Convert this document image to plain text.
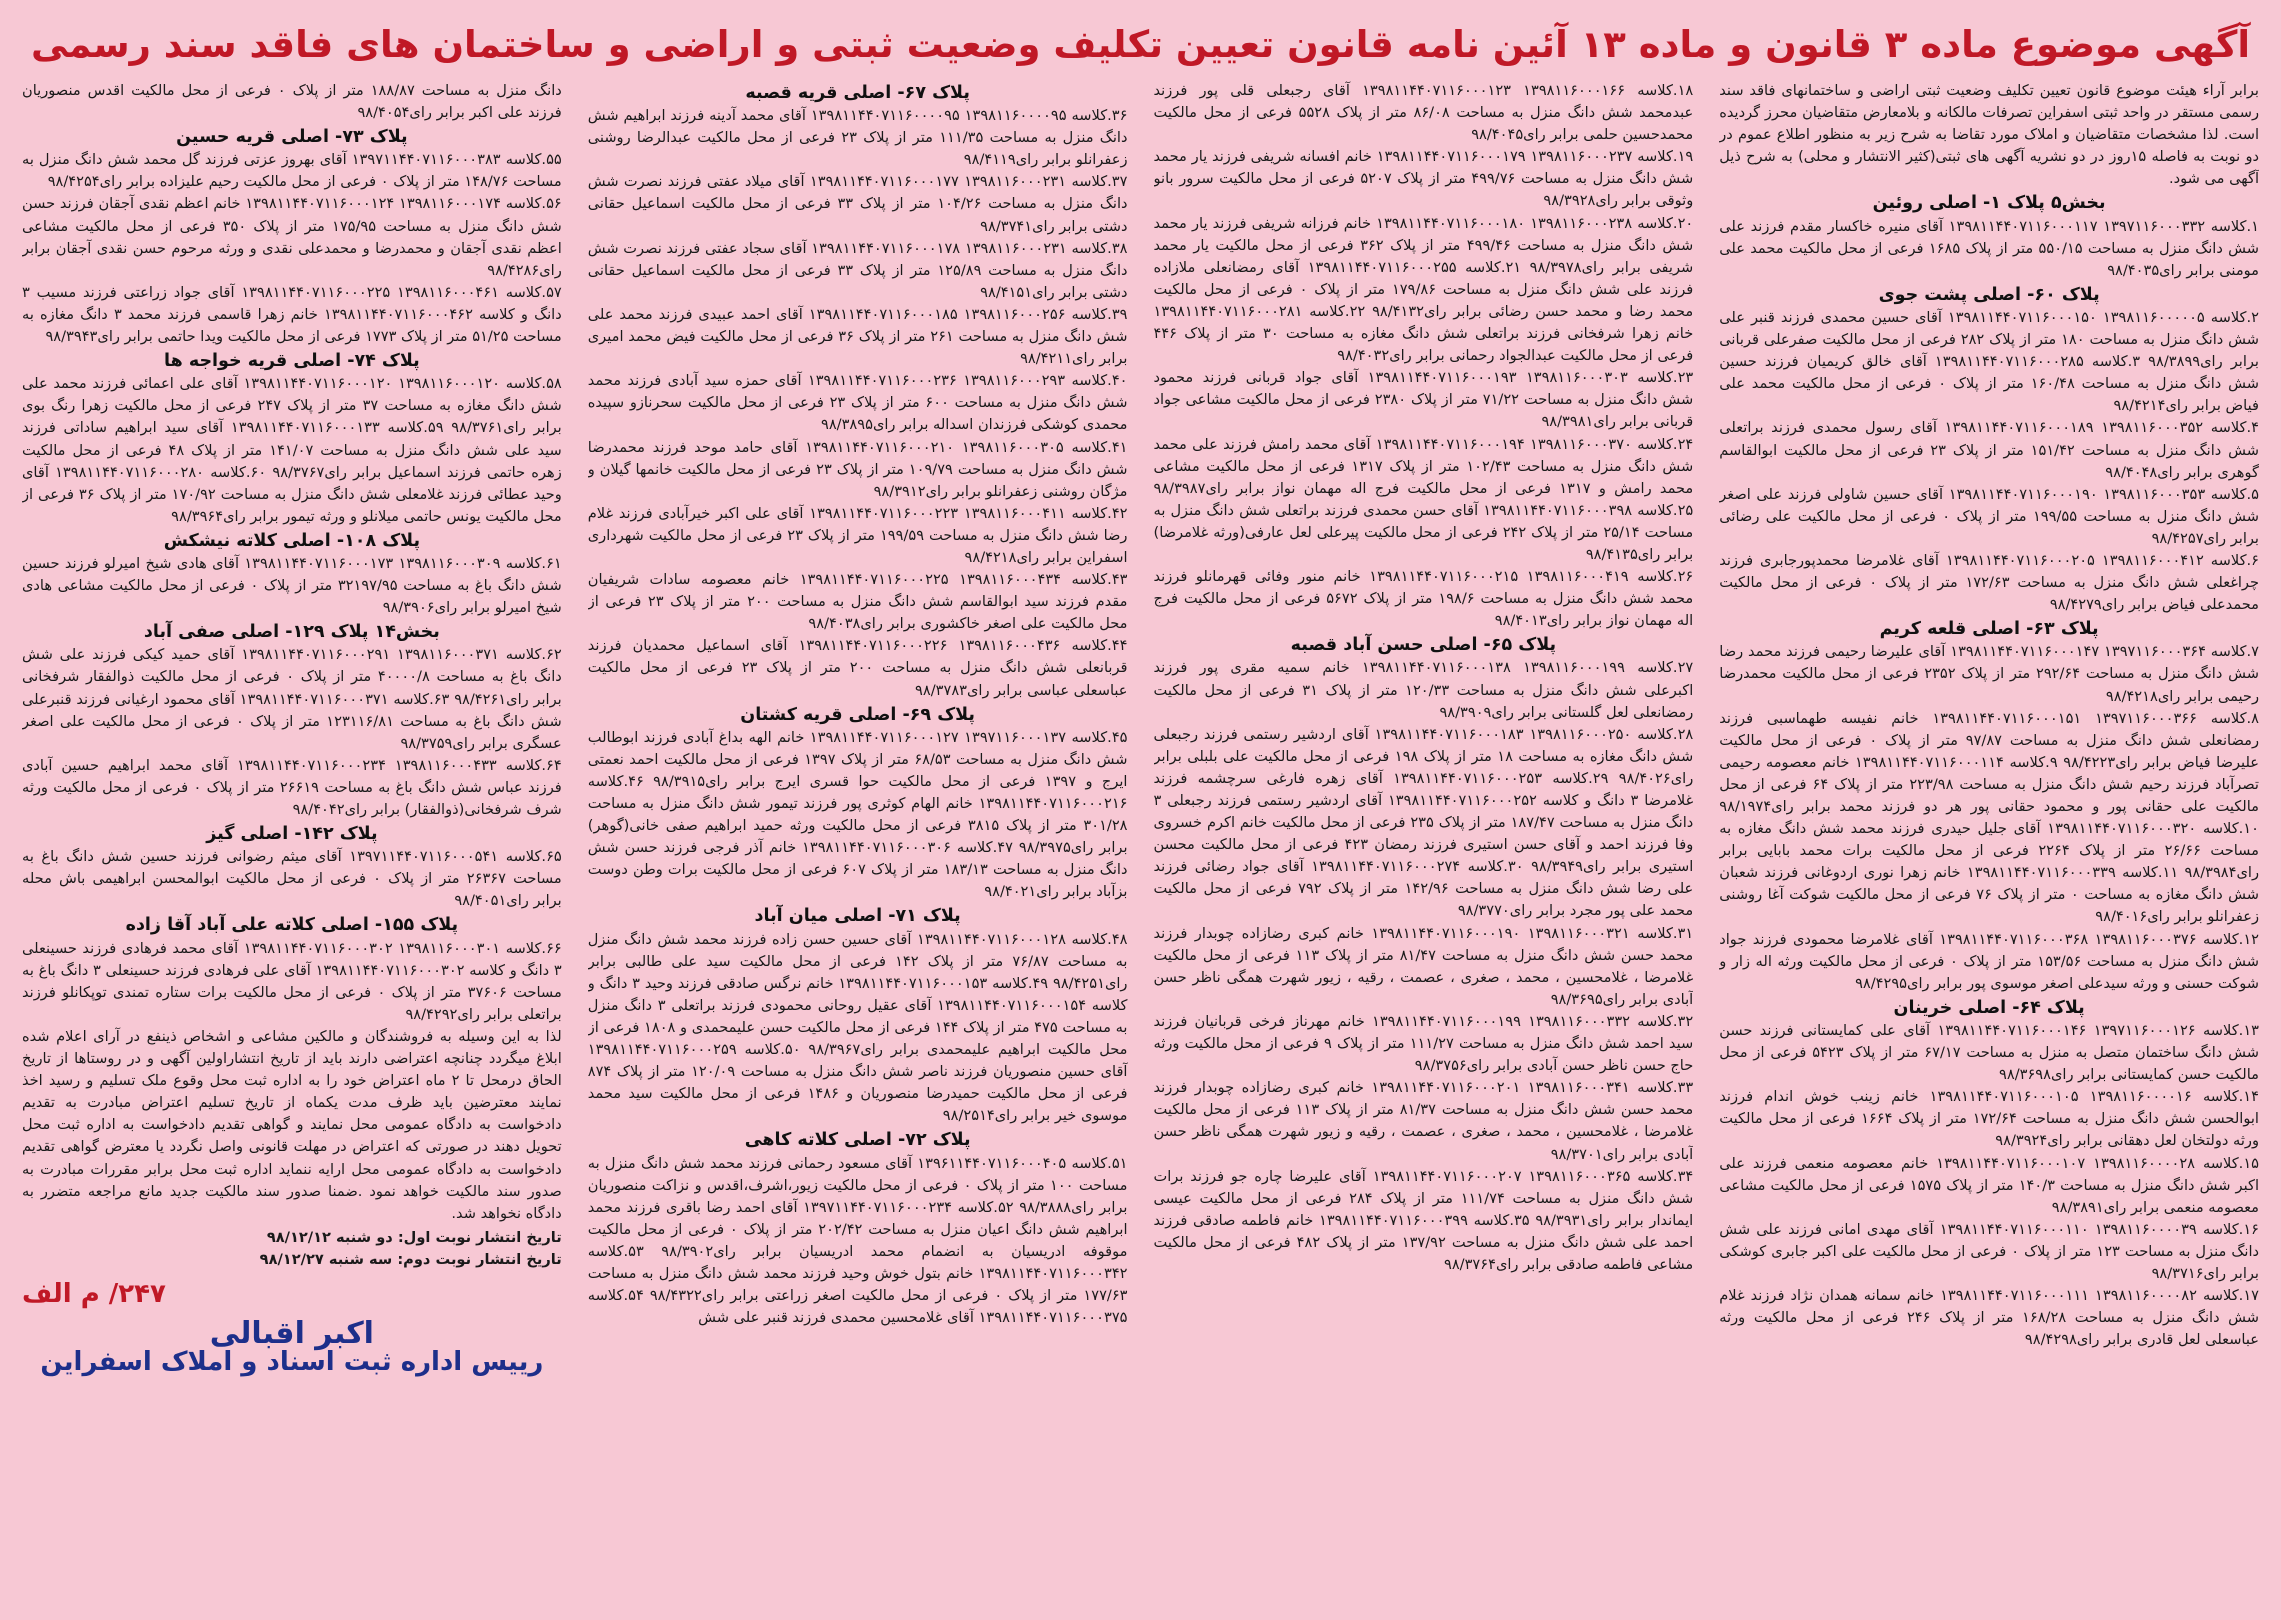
آگهی موضوع ماده ۳ قانون و ماده ۱۳ آئین نامه قانون تعیین تکلیف وضعیت ثبتی و اراضی و ساختمان های فاقد سند رسمی

برابر آراء هیئت موضوع قانون تعیین تکلیف وضعیت ثبتی اراضی و ساختمانهای فاقد سند رسمی مستقر در واحد ثبتی اسفراین تصرفات مالکانه و بلامعارض متقاضیان محرز گردیده است. لذا مشخصات متقاضیان و املاک مورد تقاضا به شرح زیر به منظور اطلاع عموم در دو نوبت به فاصله ۱۵روز در دو نشریه آگهی های ثبتی(کثیر الانتشار و محلی) به شرح ذیل آگهی می شود.

بخش۵ پلاک ۱- اصلی روئین

۱.کلاسه ۱۳۹۷۱۱۶۰۰۰۳۳۲ ۱۳۹۸۱۱۴۴۰۷۱۱۶۰۰۰۱۱۷ آقای منیره خاکسار مقدم فرزند علی شش دانگ منزل به مساحت ۵۵۰/۱۵ متر از پلاک ۱۶۸۵ فرعی از محل مالکیت محمد علی مومنی برابر رای۹۸/۴۰۳۵

پلاک ۶۰- اصلی پشت جوی

۲.کلاسه ۱۳۹۸۱۱۶۰۰۰۰۰۵ ۱۳۹۸۱۱۴۴۰۷۱۱۶۰۰۰۱۵۰ آقای حسین محمدی فرزند قنبر علی شش دانگ منزل به مساحت ۱۸۰ متر از پلاک ۲۸۲ فرعی از محل مالکیت صفرعلی قربانی برابر رای۹۸/۳۸۹۹ ۳.کلاسه ۱۳۹۸۱۱۴۴۰۷۱۱۶۰۰۰۲۸۵ آقای خالق کریمیان فرزند حسین شش دانگ منزل به مساحت ۱۶۰/۴۸ متر از پلاک ۰ فرعی از محل مالکیت محمد علی فیاض برابر رای۹۸/۴۲۱۴

۴.کلاسه ۱۳۹۸۱۱۶۰۰۰۳۵۲ ۱۳۹۸۱۱۴۴۰۷۱۱۶۰۰۰۱۸۹ آقای رسول محمدی فرزند براتعلی شش دانگ منزل به مساحت ۱۵۱/۴۲ متر از پلاک ۲۳ فرعی از محل مالکیت ابوالقاسم گوهری برابر رای۹۸/۴۰۴۸

۵.کلاسه ۱۳۹۸۱۱۶۰۰۰۳۵۳ ۱۳۹۸۱۱۴۴۰۷۱۱۶۰۰۰۱۹۰ آقای حسین شاولی فرزند علی اصغر شش دانگ منزل به مساحت ۱۹۹/۵۵ متر از پلاک ۰ فرعی از محل مالکیت علی رضائی برابر رای۹۸/۴۲۵۷

۶.کلاسه ۱۳۹۸۱۱۶۰۰۰۴۱۲ ۱۳۹۸۱۱۴۴۰۷۱۱۶۰۰۰۲۰۵ آقای غلامرضا محمدپورجابری فرزند چراغعلی شش دانگ منزل به مساحت ۱۷۲/۶۳ متر از پلاک ۰ فرعی از محل مالکیت محمدعلی فیاض برابر رای۹۸/۴۲۷۹

پلاک ۶۳- اصلی قلعه کریم

۷.کلاسه ۱۳۹۷۱۱۶۰۰۰۳۶۴ ۱۳۹۸۱۱۴۴۰۷۱۱۶۰۰۰۱۴۷ آقای علیرضا رحیمی فرزند محمد رضا شش دانگ منزل به مساحت ۲۹۲/۶۴ متر از پلاک ۲۳۵۲ فرعی از محل مالکیت محمدرضا رحیمی برابر رای۹۸/۴۲۱۸

۸.کلاسه ۱۳۹۷۱۱۶۰۰۰۳۶۶ ۱۳۹۸۱۱۴۴۰۷۱۱۶۰۰۰۱۵۱ خانم نفیسه طهماسبی فرزند رمضانعلی شش دانگ منزل به مساحت ۹۷/۸۷ متر از پلاک ۰ فرعی از محل مالکیت علیرضا فیاض برابر رای۹۸/۴۲۲۳ ۹.کلاسه ۱۳۹۸۱۱۴۴۰۷۱۱۶۰۰۰۱۱۴ خانم معصومه رحیمی تصرآباد فرزند رحیم شش دانگ منزل به مساحت ۲۲۳/۹۸ متر از پلاک ۶۴ فرعی از محل مالکیت علی حقانی پور و محمود حقانی پور هر دو فرزند محمد برابر رای۹۸/۱۹۷۴ ۱۰.کلاسه ۱۳۹۸۱۱۴۴۰۷۱۱۶۰۰۰۳۲۰ آقای جلیل حیدری فرزند محمد شش دانگ مغازه به مساحت ۲۶/۶۶ متر از پلاک ۲۲۶۴ فرعی از محل مالکیت برات محمد بابایی برابر رای۹۸/۳۹۸۴ ۱۱.کلاسه ۱۳۹۸۱۱۴۴۰۷۱۱۶۰۰۰۳۳۹ خانم زهرا نوری اردوغانی فرزند شعبان شش دانگ مغازه به مساحت ۰ متر از پلاک ۷۶ فرعی از محل مالکیت شوکت آغا روشنی زعفرانلو برابر رای۹۸/۴۰۱۶

۱۲.کلاسه ۱۳۹۸۱۱۶۰۰۰۳۷۶ ۱۳۹۸۱۱۴۴۰۷۱۱۶۰۰۰۳۶۸ آقای غلامرضا محمودی فرزند جواد شش دانگ منزل به مساحت ۱۵۳/۵۶ متر از پلاک ۰ فرعی از محل مالکیت ورثه اله زار و شوکت حسنی و ورثه سیدعلی اصغر موسوی پور برابر رای۹۸/۴۲۹۵

پلاک ۶۴- اصلی خرینان

۱۳.کلاسه ۱۳۹۷۱۱۶۰۰۰۱۲۶ ۱۳۹۸۱۱۴۴۰۷۱۱۶۰۰۰۱۴۶ آقای علی کمایستانی فرزند حسن شش دانگ ساختمان متصل به منزل به مساحت ۶۷/۱۷ متر از پلاک ۵۴۲۳ فرعی از محل مالکیت حسن کمایستانی برابر رای۹۸/۳۶۹۸

۱۴.کلاسه ۱۳۹۸۱۱۶۰۰۰۰۱۶ ۱۳۹۸۱۱۴۴۰۷۱۱۶۰۰۰۱۰۵ خانم زینب خوش اندام فرزند ابوالحسن شش دانگ منزل به مساحت ۱۷۲/۶۴ متر از پلاک ۱۶۶۴ فرعی از محل مالکیت ورثه دولتخان لعل دهقانی برابر رای۹۸/۳۹۲۴

۱۵.کلاسه ۱۳۹۸۱۱۶۰۰۰۰۲۸ ۱۳۹۸۱۱۴۴۰۷۱۱۶۰۰۰۱۰۷ خانم معصومه منعمی فرزند علی اکبر شش دانگ منزل به مساحت ۱۴۰/۳ متر از پلاک ۱۵۷۵ فرعی از محل مالکیت مشاعی معصومه منعمی برابر رای۹۸/۳۸۹۱

۱۶.کلاسه ۱۳۹۸۱۱۶۰۰۰۰۳۹ ۱۳۹۸۱۱۴۴۰۷۱۱۶۰۰۰۱۱۰ آقای مهدی امانی فرزند علی شش دانگ منزل به مساحت ۱۲۳ متر از پلاک ۰ فرعی از محل مالکیت علی اکبر جابری کوشکی برابر رای۹۸/۳۷۱۶

۱۷.کلاسه ۱۳۹۸۱۱۶۰۰۰۰۸۲ ۱۳۹۸۱۱۴۴۰۷۱۱۶۰۰۰۱۱۱ خانم سمانه همدان نژاد فرزند غلام شش دانگ منزل به مساحت ۱۶۸/۲۸ متر از پلاک ۲۴۶ فرعی از محل مالکیت ورثه عباسعلی لعل قادری برابر رای۹۸/۴۲۹۸

۱۸.کلاسه ۱۳۹۸۱۱۶۰۰۰۱۶۶ ۱۳۹۸۱۱۴۴۰۷۱۱۶۰۰۰۱۲۳ آقای رجبعلی قلی پور فرزند عبدمحمد شش دانگ منزل به مساحت ۸۶/۰۸ متر از پلاک ۵۵۲۸ فرعی از محل مالکیت محمدحسین حلمی برابر رای۹۸/۴۰۴۵

۱۹.کلاسه ۱۳۹۸۱۱۶۰۰۰۲۳۷ ۱۳۹۸۱۱۴۴۰۷۱۱۶۰۰۰۱۷۹ خانم افسانه شریفی فرزند یار محمد شش دانگ منزل به مساحت ۴۹۹/۷۶ متر از پلاک ۵۲۰۷ فرعی از محل مالکیت سرور بانو وثوقی برابر رای۹۸/۳۹۲۸

۲۰.کلاسه ۱۳۹۸۱۱۶۰۰۰۲۳۸ ۱۳۹۸۱۱۴۴۰۷۱۱۶۰۰۰۱۸۰ خانم فرزانه شریفی فرزند یار محمد شش دانگ منزل به مساحت ۴۹۹/۴۶ متر از پلاک ۳۶۲ فرعی از محل مالکیت یار محمد شریفی برابر رای۹۸/۳۹۷۸ ۲۱.کلاسه ۱۳۹۸۱۱۴۴۰۷۱۱۶۰۰۰۲۵۵ آقای رمضانعلی ملازاده فرزند علی شش دانگ منزل به مساحت ۱۷۹/۸۶ متر از پلاک ۰ فرعی از محل مالکیت محمد رضا و محمد حسن رضائی برابر رای۹۸/۴۱۳۲ ۲۲.کلاسه ۱۳۹۸۱۱۴۴۰۷۱۱۶۰۰۰۲۸۱ خانم زهرا شرفخانی فرزند براتعلی شش دانگ مغازه به مساحت ۳۰ متر از پلاک ۴۴۶ فرعی از محل مالکیت عبدالجواد رحمانی برابر رای۹۸/۴۰۳۲

۲۳.کلاسه ۱۳۹۸۱۱۶۰۰۰۳۰۳ ۱۳۹۸۱۱۴۴۰۷۱۱۶۰۰۰۱۹۳ آقای جواد قربانی فرزند محمود شش دانگ منزل به مساحت ۷۱/۲۲ متر از پلاک ۲۳۸۰ فرعی از محل مالکیت مشاعی جواد قربانی برابر رای۹۸/۳۹۸۱

۲۴.کلاسه ۱۳۹۸۱۱۶۰۰۰۳۷۰ ۱۳۹۸۱۱۴۴۰۷۱۱۶۰۰۰۱۹۴ آقای محمد رامش فرزند علی محمد شش دانگ منزل به مساحت ۱۰۲/۴۳ متر از پلاک ۱۳۱۷ فرعی از محل مالکیت مشاعی محمد رامش و ۱۳۱۷ فرعی از محل مالکیت فرج اله مهمان نواز برابر رای۹۸/۳۹۸۷ ۲۵.کلاسه ۱۳۹۸۱۱۴۴۰۷۱۱۶۰۰۰۳۹۸ آقای حسن محمدی فرزند براتعلی شش دانگ منزل به مساحت ۲۵/۱۴ متر از پلاک ۲۴۲ فرعی از محل مالکیت پیرعلی لعل عارفی(ورثه غلامرضا) برابر رای۹۸/۴۱۳۵

۲۶.کلاسه ۱۳۹۸۱۱۶۰۰۰۴۱۹ ۱۳۹۸۱۱۴۴۰۷۱۱۶۰۰۰۲۱۵ خانم منور وفائی قهرمانلو فرزند محمد شش دانگ منزل به مساحت ۱۹۸/۶ متر از پلاک ۵۶۷۲ فرعی از محل مالکیت فرج اله مهمان نواز برابر رای۹۸/۴۰۱۳

پلاک ۶۵- اصلی حسن آباد قصبه

۲۷.کلاسه ۱۳۹۸۱۱۶۰۰۰۱۹۹ ۱۳۹۸۱۱۴۴۰۷۱۱۶۰۰۰۱۳۸ خانم سمیه مقری پور فرزند اکبرعلی شش دانگ منزل به مساحت ۱۲۰/۳۳ متر از پلاک ۳۱ فرعی از محل مالکیت رمضانعلی لعل گلستانی برابر رای۹۸/۳۹۰۹

۲۸.کلاسه ۱۳۹۸۱۱۶۰۰۰۲۵۰ ۱۳۹۸۱۱۴۴۰۷۱۱۶۰۰۰۱۸۳ آقای اردشیر رستمی فرزند رجبعلی شش دانگ مغازه به مساحت ۱۸ متر از پلاک ۱۹۸ فرعی از محل مالکیت علی بلبلی برابر رای۹۸/۴۰۲۶ ۲۹.کلاسه ۱۳۹۸۱۱۴۴۰۷۱۱۶۰۰۰۲۵۳ آقای زهره فارغی سرچشمه فرزند غلامرضا ۳ دانگ و کلاسه ۱۳۹۸۱۱۴۴۰۷۱۱۶۰۰۰۲۵۲ آقای اردشیر رستمی فرزند رجبعلی ۳ دانگ منزل به مساحت ۱۸۷/۴۷ متر از پلاک ۲۳۵ فرعی از محل مالکیت خانم اکرم خسروی وفا فرزند احمد و آقای حسن استیری فرزند رمضان ۴۲۳ فرعی از محل مالکیت محسن استیری برابر رای۹۸/۳۹۴۹ ۳۰.کلاسه ۱۳۹۸۱۱۴۴۰۷۱۱۶۰۰۰۲۷۴ آقای جواد رضائی فرزند علی رضا شش دانگ منزل به مساحت ۱۴۲/۹۶ متر از پلاک ۷۹۲ فرعی از محل مالکیت محمد علی پور مجرد برابر رای۹۸/۳۷۷۰

۳۱.کلاسه ۱۳۹۸۱۱۶۰۰۰۳۲۱ ۱۳۹۸۱۱۴۴۰۷۱۱۶۰۰۰۱۹۰ خانم کبری رضازاده چوبدار فرزند محمد حسن شش دانگ منزل به مساحت ۸۱/۴۷ متر از پلاک ۱۱۳ فرعی از محل مالکیت غلامرضا ، غلامحسین ، محمد ، صغری ، عصمت ، رقیه ، زیور شهرت همگی ناظر حسن آبادی برابر رای۹۸/۳۶۹۵

۳۲.کلاسه ۱۳۹۸۱۱۶۰۰۰۳۳۲ ۱۳۹۸۱۱۴۴۰۷۱۱۶۰۰۰۱۹۹ خانم مهرناز فرخی قربانیان فرزند سید احمد شش دانگ منزل به مساحت ۱۱۱/۲۷ متر از پلاک ۹ فرعی از محل مالکیت ورثه حاج حسن ناظر حسن آبادی برابر رای۹۸/۳۷۵۶

۳۳.کلاسه ۱۳۹۸۱۱۶۰۰۰۳۴۱ ۱۳۹۸۱۱۴۴۰۷۱۱۶۰۰۰۲۰۱ خانم کبری رضازاده چوبدار فرزند محمد حسن شش دانگ منزل به مساحت ۸۱/۳۷ متر از پلاک ۱۱۳ فرعی از محل مالکیت غلامرضا ، غلامحسین ، محمد ، صغری ، عصمت ، رقیه و زیور شهرت همگی ناظر حسن آبادی برابر رای۹۸/۳۷۰۱

۳۴.کلاسه ۱۳۹۸۱۱۶۰۰۰۳۶۵ ۱۳۹۸۱۱۴۴۰۷۱۱۶۰۰۰۲۰۷ آقای علیرضا چاره جو فرزند برات شش دانگ منزل به مساحت ۱۱۱/۷۴ متر از پلاک ۲۸۴ فرعی از محل مالکیت عیسی ایماندار برابر رای۹۸/۳۹۳۱ ۳۵.کلاسه ۱۳۹۸۱۱۴۴۰۷۱۱۶۰۰۰۳۹۹ خانم فاطمه صادقی فرزند احمد علی شش دانگ منزل به مساحت ۱۳۷/۹۲ متر از پلاک ۴۸۲ فرعی از محل مالکیت مشاعی فاطمه صادقی برابر رای۹۸/۳۷۶۴

پلاک ۶۷- اصلی قریه قصبه

۳۶.کلاسه ۱۳۹۸۱۱۶۰۰۰۰۹۵ ۱۳۹۸۱۱۴۴۰۷۱۱۶۰۰۰۰۹۵ آقای محمد آدینه فرزند ابراهیم شش دانگ منزل به مساحت ۱۱۱/۳۵ متر از پلاک ۲۳ فرعی از محل مالکیت عبدالرضا روشنی زعفرانلو برابر رای۹۸/۴۱۱۹

۳۷.کلاسه ۱۳۹۸۱۱۶۰۰۰۲۳۱ ۱۳۹۸۱۱۴۴۰۷۱۱۶۰۰۰۱۷۷ آقای میلاد عفتی فرزند نصرت شش دانگ منزل به مساحت ۱۰۴/۲۶ متر از پلاک ۳۳ فرعی از محل مالکیت اسماعیل حقانی دشتی برابر رای۹۸/۳۷۴۱

۳۸.کلاسه ۱۳۹۸۱۱۶۰۰۰۲۳۱ ۱۳۹۸۱۱۴۴۰۷۱۱۶۰۰۰۱۷۸ آقای سجاد عفتی فرزند نصرت شش دانگ منزل به مساحت ۱۲۵/۸۹ متر از پلاک ۳۳ فرعی از محل مالکیت اسماعیل حقانی دشتی برابر رای۹۸/۴۱۵۱

۳۹.کلاسه ۱۳۹۸۱۱۶۰۰۰۲۵۶ ۱۳۹۸۱۱۴۴۰۷۱۱۶۰۰۰۱۸۵ آقای احمد عبیدی فرزند محمد علی شش دانگ منزل به مساحت ۲۶۱ متر از پلاک ۳۶ فرعی از محل مالکیت فیض محمد امیری برابر رای۹۸/۴۲۱۱

۴۰.کلاسه ۱۳۹۸۱۱۶۰۰۰۲۹۳ ۱۳۹۸۱۱۴۴۰۷۱۱۶۰۰۰۲۳۶ آقای حمزه سید آبادی فرزند محمد شش دانگ منزل به مساحت ۶۰۰ متر از پلاک ۲۳ فرعی از محل مالکیت سحرنازو سپیده محمدی کوشکی فرزندان اسداله برابر رای۹۸/۳۸۹۵

۴۱.کلاسه ۱۳۹۸۱۱۶۰۰۰۳۰۵ ۱۳۹۸۱۱۴۴۰۷۱۱۶۰۰۰۲۱۰ آقای حامد موحد فرزند محمدرضا شش دانگ منزل به مساحت ۱۰۹/۷۹ متر از پلاک ۲۳ فرعی از محل مالکیت خانمها گیلان و مژگان روشنی زعفرانلو برابر رای۹۸/۳۹۱۲

۴۲.کلاسه ۱۳۹۸۱۱۶۰۰۰۴۱۱ ۱۳۹۸۱۱۴۴۰۷۱۱۶۰۰۰۲۲۳ آقای علی اکبر خیرآبادی فرزند غلام رضا شش دانگ منزل به مساحت ۱۹۹/۵۹ متر از پلاک ۲۳ فرعی از محل مالکیت شهرداری اسفراین برابر رای۹۸/۴۲۱۸

۴۳.کلاسه ۱۳۹۸۱۱۶۰۰۰۴۳۴ ۱۳۹۸۱۱۴۴۰۷۱۱۶۰۰۰۲۲۵ خانم معصومه سادات شریفیان مقدم فرزند سید ابوالقاسم شش دانگ منزل به مساحت ۲۰۰ متر از پلاک ۲۳ فرعی از محل مالکیت علی اصغر خاکشوری برابر رای۹۸/۴۰۳۸

۴۴.کلاسه ۱۳۹۸۱۱۶۰۰۰۴۳۶ ۱۳۹۸۱۱۴۴۰۷۱۱۶۰۰۰۲۲۶ آقای اسماعیل محمدیان فرزند قربانعلی شش دانگ منزل به مساحت ۲۰۰ متر از پلاک ۲۳ فرعی از محل مالکیت عباسعلی عباسی برابر رای۹۸/۳۷۸۳

پلاک ۶۹- اصلی قریه کشتان

۴۵.کلاسه ۱۳۹۷۱۱۶۰۰۰۱۳۷ ۱۳۹۸۱۱۴۴۰۷۱۱۶۰۰۰۱۲۷ خانم الهه بداغ آبادی فرزند ابوطالب شش دانگ منزل به مساحت ۶۸/۵۳ متر از پلاک ۱۳۹۷ فرعی از محل مالکیت احمد نعمتی ایرج و ۱۳۹۷ فرعی از محل مالکیت حوا قسری ایرج برابر رای۹۸/۳۹۱۵ ۴۶.کلاسه ۱۳۹۸۱۱۴۴۰۷۱۱۶۰۰۰۲۱۶ خانم الهام کوثری پور فرزند تیمور شش دانگ منزل به مساحت ۳۰۱/۲۸ متر از پلاک ۳۸۱۵ فرعی از محل مالکیت ورثه حمید ابراهیم صفی خانی(گوهر) برابر رای۹۸/۳۹۷۵ ۴۷.کلاسه ۱۳۹۸۱۱۴۴۰۷۱۱۶۰۰۰۳۰۶ خانم آذر فرجی فرزند حسن شش دانگ منزل به مساحت ۱۸۳/۱۳ متر از پلاک ۶۰۷ فرعی از محل مالکیت برات وطن دوست بزآباد برابر رای۹۸/۴۰۲۱

پلاک ۷۱- اصلی میان آباد

۴۸.کلاسه ۱۳۹۸۱۱۴۴۰۷۱۱۶۰۰۰۱۲۸ آقای حسین حسن زاده فرزند محمد شش دانگ منزل به مساحت ۷۶/۸۷ متر از پلاک ۱۴۲ فرعی از محل مالکیت سید علی طالبی برابر رای۹۸/۴۲۵۱ ۴۹.کلاسه ۱۳۹۸۱۱۴۴۰۷۱۱۶۰۰۰۱۵۳ خانم نرگس صادقی فرزند وحید ۳ دانگ و کلاسه ۱۳۹۸۱۱۴۴۰۷۱۱۶۰۰۰۱۵۴ آقای عقیل روحانی محمودی فرزند براتعلی ۳ دانگ منزل به مساحت ۴۷۵ متر از پلاک ۱۴۴ فرعی از محل مالکیت حسن علیمحمدی و ۱۸۰۸ فرعی از محل مالکیت ابراهیم علیمحمدی برابر رای۹۸/۳۹۶۷ ۵۰.کلاسه ۱۳۹۸۱۱۴۴۰۷۱۱۶۰۰۰۲۵۹ آقای حسین منصوریان فرزند ناصر شش دانگ منزل به مساحت ۱۲۰/۰۹ متر از پلاک ۸۷۴ فرعی از محل مالکیت حمیدرضا منصوریان و ۱۴۸۶ فرعی از محل مالکیت سید محمد موسوی خیر برابر رای۹۸/۲۵۱۴

پلاک ۷۲- اصلی کلاته کاهی

۵۱.کلاسه ۱۳۹۶۱۱۴۴۰۷۱۱۶۰۰۰۴۰۵ آقای مسعود رحمانی فرزند محمد شش دانگ منزل به مساحت ۱۰۰ متر از پلاک ۰ فرعی از محل مالکیت زیور،اشرف،اقدس و نزاکت منصوریان برابر رای۹۸/۳۸۸۸ ۵۲.کلاسه ۱۳۹۷۱۱۴۴۰۷۱۱۶۰۰۰۲۳۴ آقای احمد رضا باقری فرزند محمد ابراهیم شش دانگ اعیان منزل به مساحت ۲۰۲/۴۲ متر از پلاک ۰ فرعی از محل مالکیت موقوفه ادریسیان به انضمام محمد ادریسیان برابر رای۹۸/۳۹۰۲ ۵۳.کلاسه ۱۳۹۸۱۱۴۴۰۷۱۱۶۰۰۰۳۴۲ خانم بتول خوش وحید فرزند محمد شش دانگ منزل به مساحت ۱۷۷/۶۳ متر از پلاک ۰ فرعی از محل مالکیت اصغر زراعتی برابر رای۹۸/۴۳۲۲ ۵۴.کلاسه ۱۳۹۸۱۱۴۴۰۷۱۱۶۰۰۰۳۷۵ آقای غلامحسین محمدی فرزند قنبر علی شش

دانگ منزل به مساحت ۱۸۸/۸۷ متر از پلاک ۰ فرعی از محل مالکیت اقدس منصوریان فرزند علی اکبر برابر رای۹۸/۴۰۵۴

پلاک ۷۳- اصلی قریه حسین

۵۵.کلاسه ۱۳۹۷۱۱۴۴۰۷۱۱۶۰۰۰۳۸۳ آقای بهروز عزتی فرزند گل محمد شش دانگ منزل به مساحت ۱۴۸/۷۶ متر از پلاک ۰ فرعی از محل مالکیت رحیم علیزاده برابر رای۹۸/۴۲۵۴

۵۶.کلاسه ۱۳۹۸۱۱۶۰۰۰۱۷۴ ۱۳۹۸۱۱۴۴۰۷۱۱۶۰۰۰۱۲۴ خانم اعظم نقدی آجقان فرزند حسن شش دانگ منزل به مساحت ۱۷۵/۹۵ متر از پلاک ۳۵۰ فرعی از محل مالکیت مشاعی اعظم نقدی آجقان و محمدرضا و محمدعلی نقدی و ورثه مرحوم حسن نقدی آجقان برابر رای۹۸/۴۲۸۶

۵۷.کلاسه ۱۳۹۸۱۱۶۰۰۰۴۶۱ ۱۳۹۸۱۱۴۴۰۷۱۱۶۰۰۰۲۲۵ آقای جواد زراعتی فرزند مسیب ۳ دانگ و کلاسه ۱۳۹۸۱۱۴۴۰۷۱۱۶۰۰۰۴۶۲ خانم زهرا قاسمی فرزند محمد ۳ دانگ مغازه به مساحت ۵۱/۲۵ متر از پلاک ۱۷۷۳ فرعی از محل مالکیت ویدا حاتمی برابر رای۹۸/۳۹۴۳

پلاک ۷۴- اصلی قریه خواجه ها

۵۸.کلاسه ۱۳۹۸۱۱۶۰۰۰۱۲۰ ۱۳۹۸۱۱۴۴۰۷۱۱۶۰۰۰۱۲۰ آقای علی اعمائی فرزند محمد علی شش دانگ مغازه به مساحت ۳۷ متر از پلاک ۲۴۷ فرعی از محل مالکیت زهرا رنگ بوی برابر رای۹۸/۳۷۶۱ ۵۹.کلاسه ۱۳۹۸۱۱۴۴۰۷۱۱۶۰۰۰۱۳۳ آقای سید ابراهیم ساداتی فرزند سید علی شش دانگ منزل به مساحت ۱۴۱/۰۷ متر از پلاک ۴۸ فرعی از محل مالکیت زهره حاتمی فرزند اسماعیل برابر رای۹۸/۳۷۶۷ ۶۰.کلاسه ۱۳۹۸۱۱۴۴۰۷۱۱۶۰۰۰۲۸۰ آقای وحید عطائی فرزند غلامعلی شش دانگ منزل به مساحت ۱۷۰/۹۲ متر از پلاک ۳۶ فرعی از محل مالکیت یونس حاتمی میلانلو و ورثه تیمور برابر رای۹۸/۳۹۶۴

پلاک ۱۰۸- اصلی کلاته نیشکش

۶۱.کلاسه ۱۳۹۸۱۱۶۰۰۰۳۰۹ ۱۳۹۸۱۱۴۴۰۷۱۱۶۰۰۰۱۷۳ آقای هادی شیخ امیرلو فرزند حسین شش دانگ باغ به مساحت ۳۲۱۹۷/۹۵ متر از پلاک ۰ فرعی از محل مالکیت مشاعی هادی شیخ امیرلو برابر رای۹۸/۳۹۰۶

بخش۱۴ پلاک ۱۲۹- اصلی صفی آباد

۶۲.کلاسه ۱۳۹۸۱۱۶۰۰۰۳۷۱ ۱۳۹۸۱۱۴۴۰۷۱۱۶۰۰۰۲۹۱ آقای حمید کیکی فرزند علی شش دانگ باغ به مساحت ۴۰۰۰۰/۸ متر از پلاک ۰ فرعی از محل مالکیت ذوالفقار شرفخانی برابر رای۹۸/۴۲۶۱ ۶۳.کلاسه ۱۳۹۸۱۱۴۴۰۷۱۱۶۰۰۰۳۷۱ آقای محمود ارغیانی فرزند قنبرعلی شش دانگ باغ به مساحت ۱۲۳۱۱۶/۸۱ متر از پلاک ۰ فرعی از محل مالکیت علی اصغر عسگری برابر رای۹۸/۳۷۵۹

۶۴.کلاسه ۱۳۹۸۱۱۶۰۰۰۴۳۳ ۱۳۹۸۱۱۴۴۰۷۱۱۶۰۰۰۲۳۴ آقای محمد ابراهیم حسین آبادی فرزند عباس شش دانگ باغ به مساحت ۲۶۶۱۹ متر از پلاک ۰ فرعی از محل مالکیت ورثه شرف شرفخانی(ذوالفقار) برابر رای۹۸/۴۰۴۲

پلاک ۱۴۲- اصلی گیز

۶۵.کلاسه ۱۳۹۷۱۱۴۴۰۷۱۱۶۰۰۰۵۴۱ آقای میثم رضوانی فرزند حسین شش دانگ باغ به مساحت ۲۶۳۶۷ متر از پلاک ۰ فرعی از محل مالکیت ابوالمحسن ابراهیمی باش محله برابر رای۹۸/۴۰۵۱

پلاک ۱۵۵- اصلی کلاته علی آباد آقا زاده

۶۶.کلاسه ۱۳۹۸۱۱۶۰۰۰۳۰۱ ۱۳۹۸۱۱۴۴۰۷۱۱۶۰۰۰۳۰۲ آقای محمد فرهادی فرزند حسینعلی ۳ دانگ و کلاسه ۱۳۹۸۱۱۴۴۰۷۱۱۶۰۰۰۳۰۲ آقای علی فرهادی فرزند حسینعلی ۳ دانگ باغ به مساحت ۳۷۶۰۶ متر از پلاک ۰ فرعی از محل مالکیت برات ستاره تمندی توپکانلو فرزند براتعلی برابر رای۹۸/۴۲۹۲

لذا به این وسیله به فروشندگان و مالکین مشاعی و اشخاص ذینفع در آرای اعلام شده ابلاغ میگردد چنانچه اعتراضی دارند باید از تاریخ انتشاراولین آگهی و در روستاها از تاریخ الحاق درمحل تا ۲ ماه اعتراض خود را به اداره ثبت محل وقوع ملک تسلیم و رسید اخذ نمایند معترضین باید ظرف مدت یکماه از تاریخ تسلیم اعتراض مبادرت به تقدیم دادخواست به دادگاه عمومی محل نمایند و گواهی تقدیم دادخواست به اداره ثبت محل تحویل دهند در صورتی که اعتراض در مهلت قانونی واصل نگردد یا معترض گواهی تقدیم دادخواست به دادگاه عمومی محل ارایه ننماید اداره ثبت محل برابر مقررات مبادرت به صدور سند مالکیت خواهد نمود .ضمنا صدور سند مالکیت جدید مانع مراجعه متضرر به دادگاه نخواهد شد.

تاریخ انتشار نوبت اول: دو شنبه ۹۸/۱۲/۱۲
تاریخ انتشار نوبت دوم: سه شنبه ۹۸/۱۲/۲۷
۲۴۷/ م الف
اکبر اقبالی
رییس اداره ثبت اسناد و املاک اسفراین
